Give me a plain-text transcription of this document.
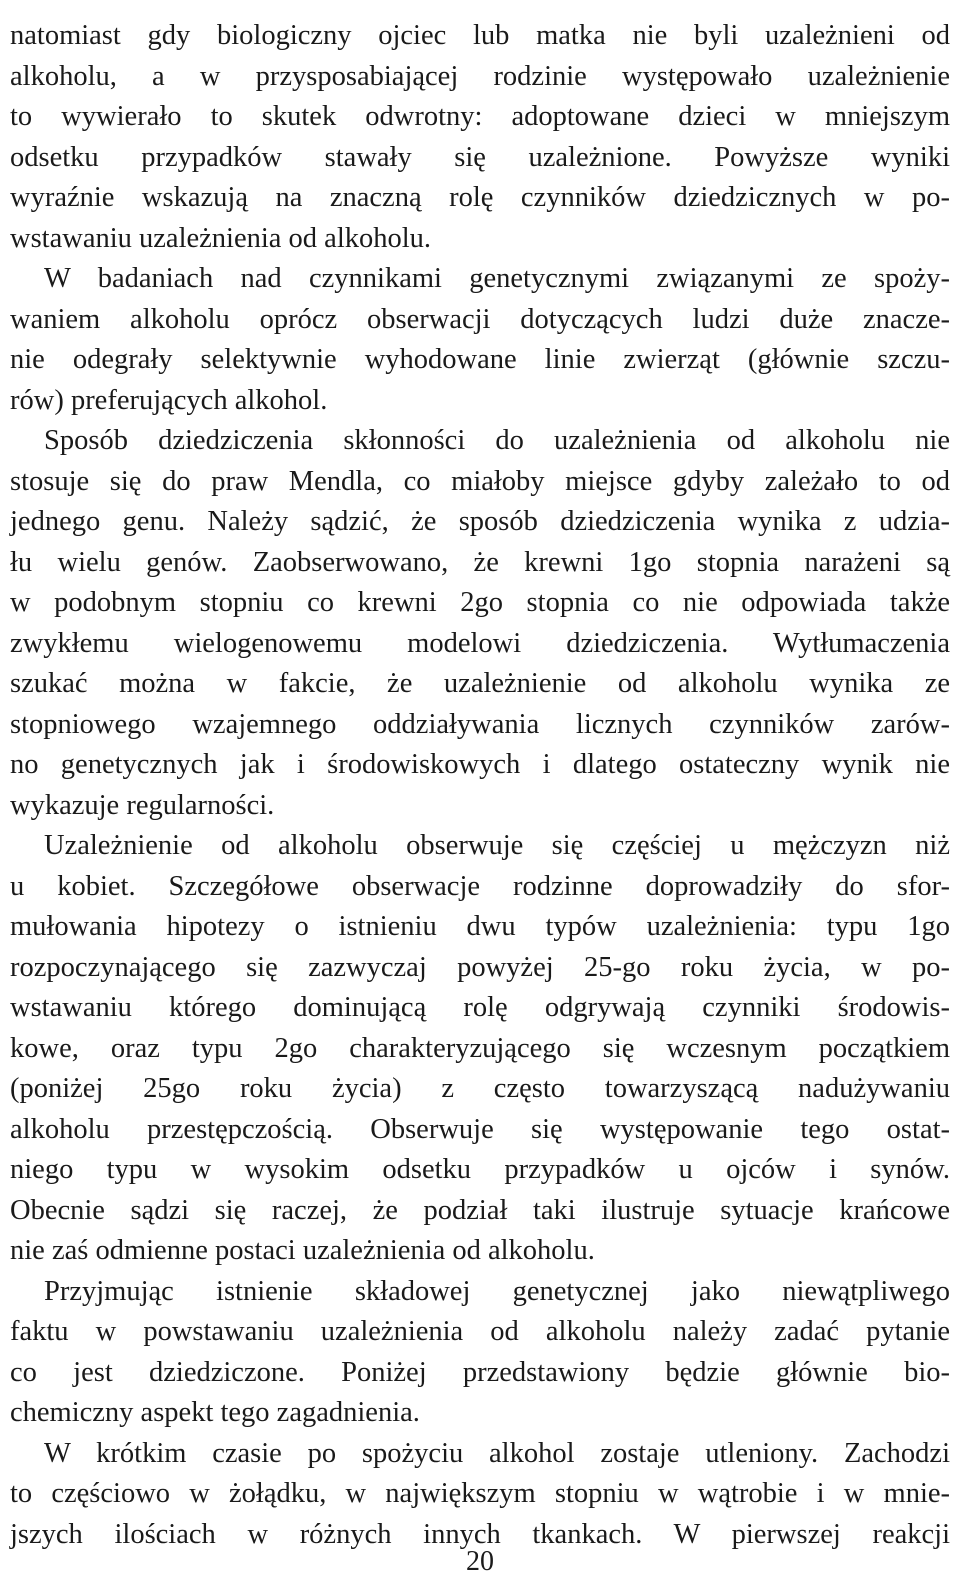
natomiast gdy biologiczny ojciec lub matka nie byli uzależnieni od
alkoholu, a w przysposabiającej rodzinie występowało uzależnienie
to wywierało to skutek odwrotny: adoptowane dzieci w mniejszym
odsetku przypadków stawały się uzależnione. Powyższe wyniki
wyraźnie wskazują na znaczną rolę czynników dziedzicznych w po-
wstawaniu uzależnienia od alkoholu.
W badaniach nad czynnikami genetycznymi związanymi ze spoży-
waniem alkoholu oprócz obserwacji dotyczących ludzi duże znacze-
nie odegrały selektywnie wyhodowane linie zwierząt (głównie szczu-
rów) preferujących alkohol.
Sposób dziedziczenia skłonności do uzależnienia od alkoholu nie
stosuje się do praw Mendla, co miałoby miejsce gdyby zależało to od
jednego genu. Należy sądzić, że sposób dziedziczenia wynika z udzia-
łu wielu genów. Zaobserwowano, że krewni 1go stopnia narażeni są
w podobnym stopniu co krewni 2go stopnia co nie odpowiada także
zwykłemu wielogenowemu modelowi dziedziczenia. Wytłumaczenia
szukać można w fakcie, że uzależnienie od alkoholu wynika ze
stopniowego wzajemnego oddziaływania licznych czynników zarów-
no genetycznych jak i środowiskowych i dlatego ostateczny wynik nie
wykazuje regularności.
Uzależnienie od alkoholu obserwuje się częściej u mężczyzn niż
u kobiet. Szczegółowe obserwacje rodzinne doprowadziły do sfor-
mułowania hipotezy o istnieniu dwu typów uzależnienia: typu 1go
rozpoczynającego się zazwyczaj powyżej 25-go roku życia, w po-
wstawaniu którego dominującą rolę odgrywają czynniki środowis-
kowe, oraz typu 2go charakteryzującego się wczesnym początkiem
(poniżej 25go roku życia) z często towarzyszącą nadużywaniu
alkoholu przestępczością. Obserwuje się występowanie tego ostat-
niego typu w wysokim odsetku przypadków u ojców i synów.
Obecnie sądzi się raczej, że podział taki ilustruje sytuacje krańcowe
nie zaś odmienne postaci uzależnienia od alkoholu.
Przyjmując istnienie składowej genetycznej jako niewątpliwego
faktu w powstawaniu uzależnienia od alkoholu należy zadać pytanie
co jest dziedziczone. Poniżej przedstawiony będzie głównie bio-
chemiczny aspekt tego zagadnienia.
W krótkim czasie po spożyciu alkohol zostaje utleniony. Zachodzi
to częściowo w żołądku, w największym stopniu w wątrobie i w mnie-
jszych ilościach w różnych innych tkankach. W pierwszej reakcji
20
